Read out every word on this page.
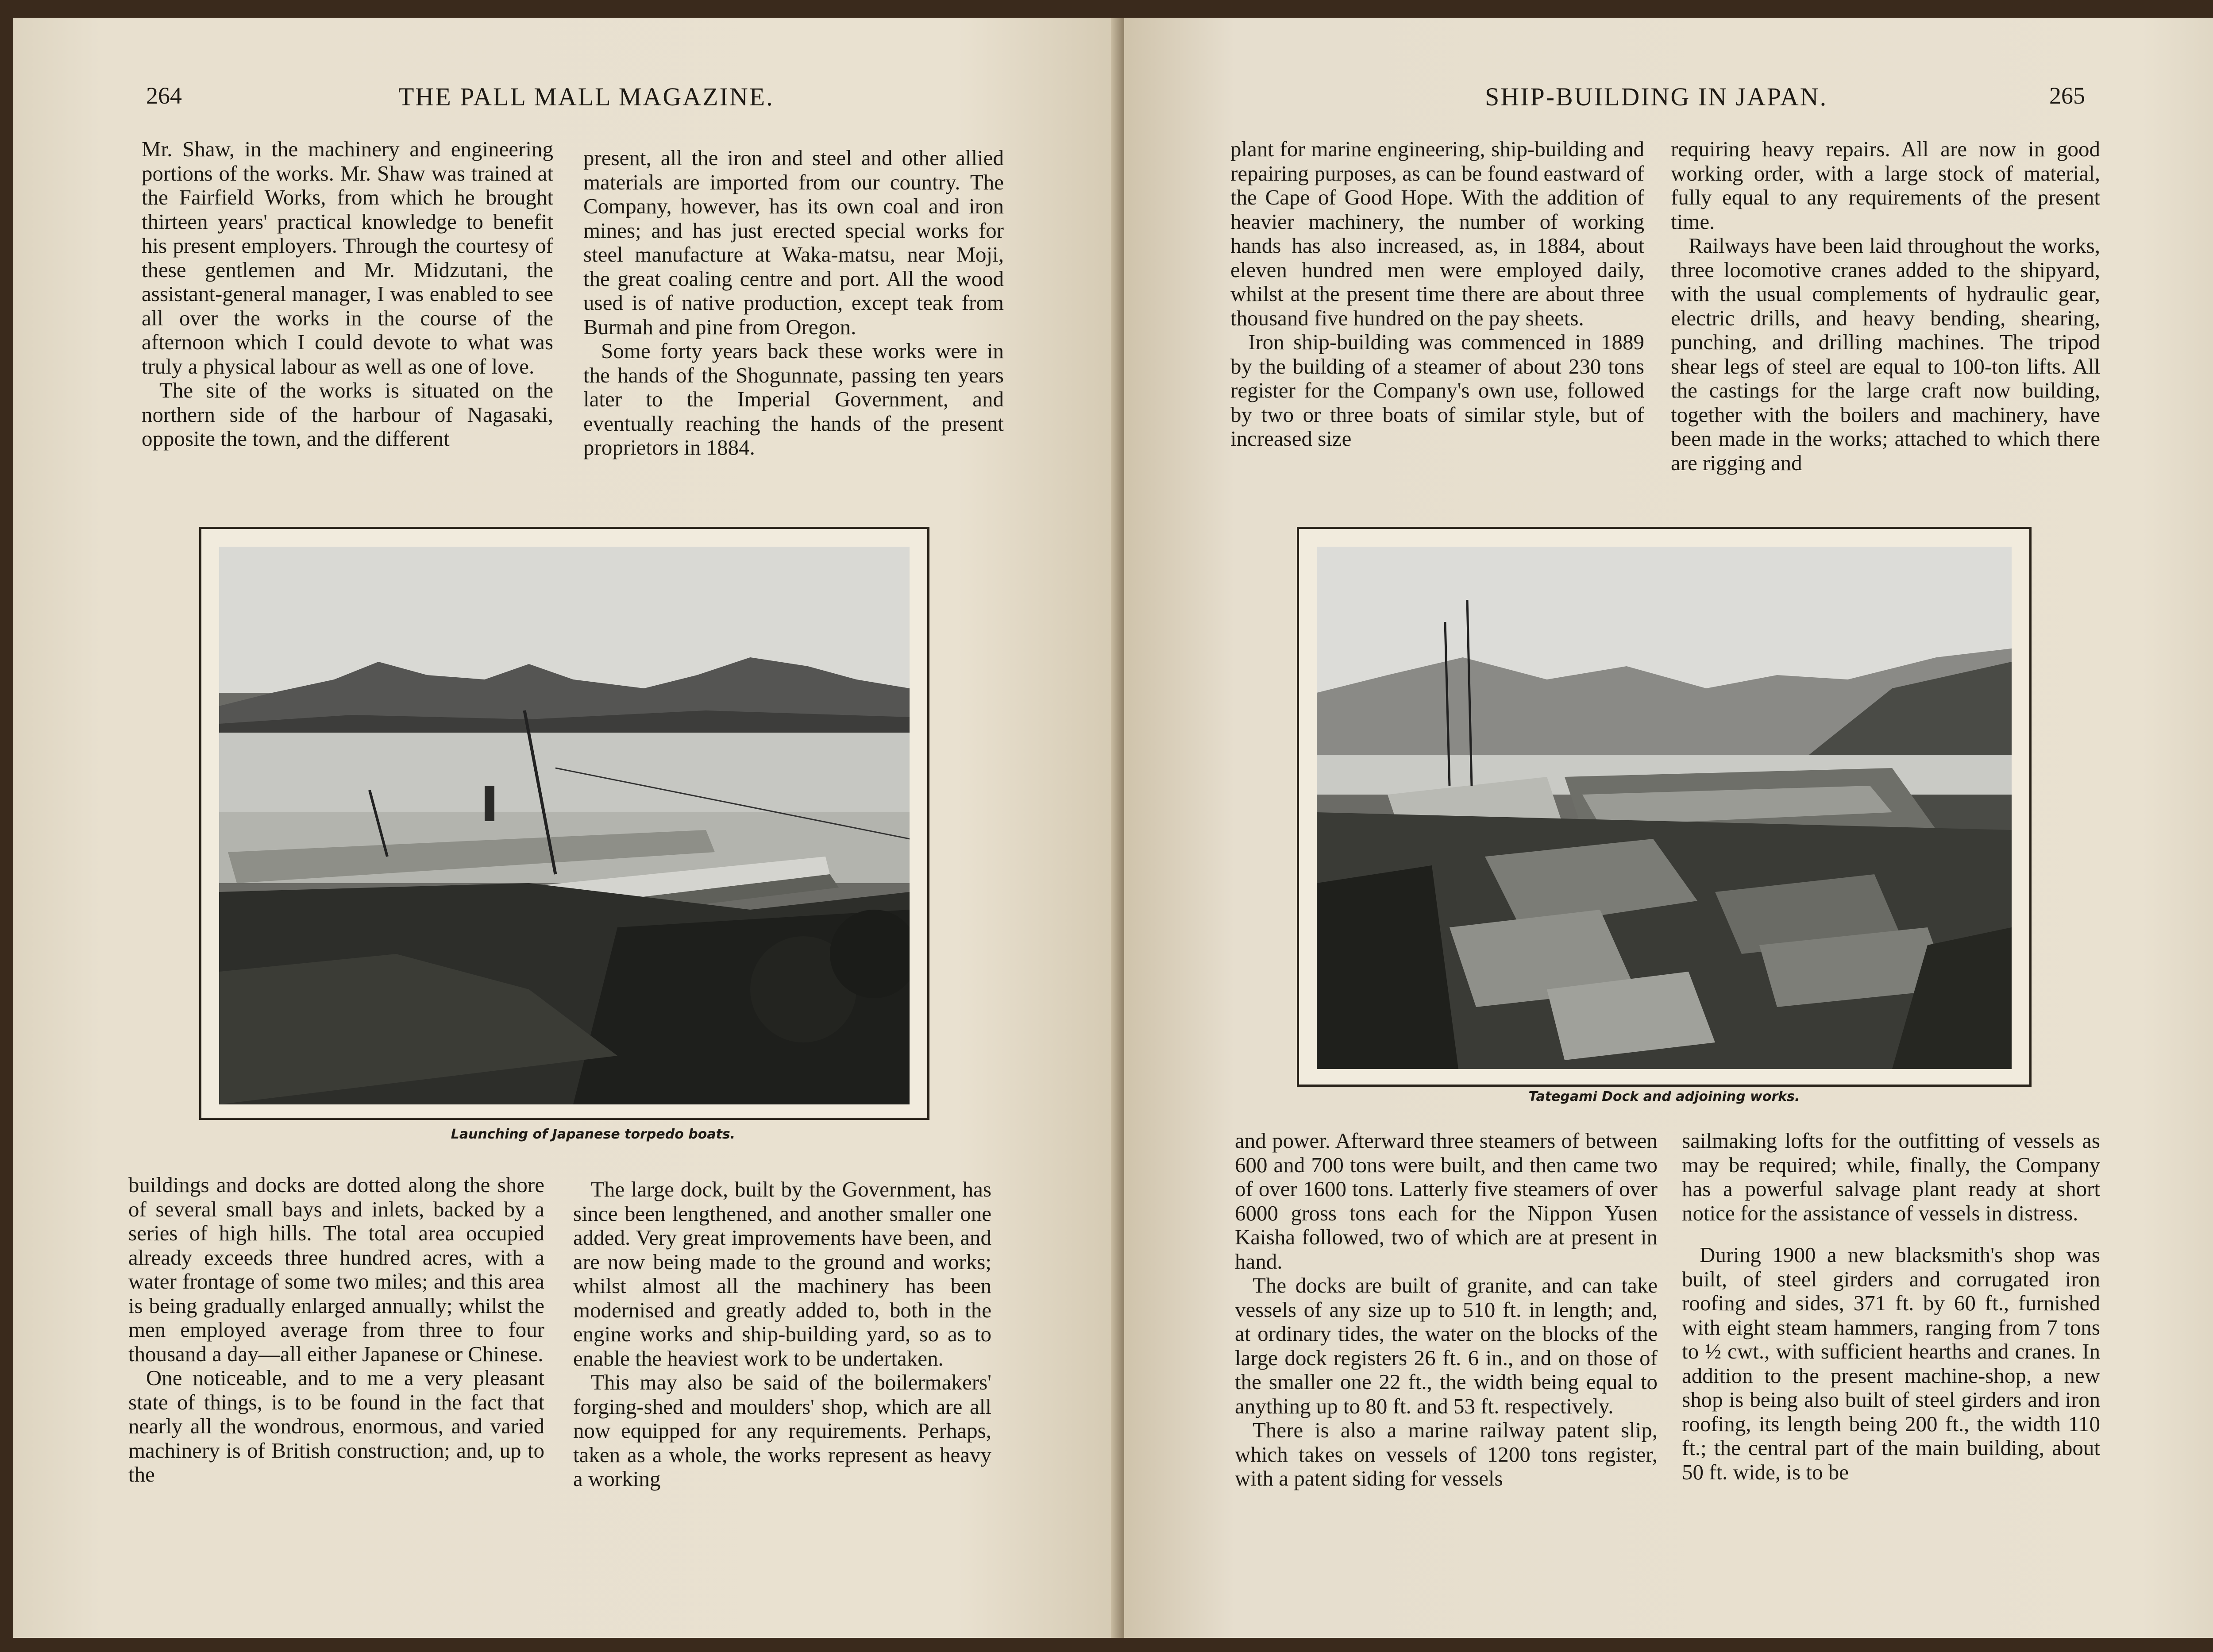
264	THE PALL MALL MAGAZINE.

Mr. Shaw, in the machinery and engineering portions of the works. Mr. Shaw was trained at the Fairfield Works, from which he brought thirteen years' practical knowledge to benefit his present employers. Through the courtesy of these gentlemen and Mr. Midzutani, the assistant-general manager, I was enabled to see all over the works in the course of the afternoon which I could devote to what was truly a physical labour as well as one of love.

The site of the works is situated on the northern side of the harbour of Nagasaki, opposite the town, and the different

present, all the iron and steel and other allied materials are imported from our country. The Company, however, has its own coal and iron mines; and has just erected special works for steel manufacture at Waka-matsu, near Moji, the great coaling centre and port. All the wood used is of native production, except teak from Burmah and pine from Oregon.

Some forty years back these works were in the hands of the Shogunnate, passing ten years later to the Imperial Government, and eventually reaching the hands of the present proprietors in 1884.

Launching of Japanese torpedo boats.

buildings and docks are dotted along the shore of several small bays and inlets, backed by a series of high hills. The total area occupied already exceeds three hundred acres, with a water frontage of some two miles; and this area is being gradually enlarged annually; whilst the men employed average from three to four thousand a day—all either Japanese or Chinese.

One noticeable, and to me a very pleasant state of things, is to be found in the fact that nearly all the wondrous, enormous, and varied machinery is of British construction; and, up to the

The large dock, built by the Government, has since been lengthened, and another smaller one added. Very great improvements have been, and are now being made to the ground and works; whilst almost all the machinery has been modernised and greatly added to, both in the engine works and ship-building yard, so as to enable the heaviest work to be undertaken.

This may also be said of the boilermakers' forging-shed and moulders' shop, which are all now equipped for any requirements. Perhaps, taken as a whole, the works represent as heavy a working

SHIP-BUILDING IN JAPAN.	265

plant for marine engineering, ship-building and repairing purposes, as can be found eastward of the Cape of Good Hope. With the addition of heavier machinery, the number of working hands has also increased, as, in 1884, about eleven hundred men were employed daily, whilst at the present time there are about three thousand five hundred on the pay sheets.

Iron ship-building was commenced in 1889 by the building of a steamer of about 230 tons register for the Company's own use, followed by two or three boats of similar style, but of increased size

requiring heavy repairs. All are now in good working order, with a large stock of material, fully equal to any requirements of the present time.

Railways have been laid throughout the works, three locomotive cranes added to the shipyard, with the usual complements of hydraulic gear, electric drills, and heavy bending, shearing, punching, and drilling machines. The tripod shear legs of steel are equal to 100-ton lifts. All the castings for the large craft now building, together with the boilers and machinery, have been made in the works; attached to which there are rigging and

Tategami Dock and adjoining works.

and power. Afterward three steamers of between 600 and 700 tons were built, and then came two of over 1600 tons. Latterly five steamers of over 6000 gross tons each for the Nippon Yusen Kaisha followed, two of which are at present in hand.

The docks are built of granite, and can take vessels of any size up to 510 ft. in length; and, at ordinary tides, the water on the blocks of the large dock registers 26 ft. 6 in., and on those of the smaller one 22 ft., the width being equal to anything up to 80 ft. and 53 ft. respectively.

There is also a marine railway patent slip, which takes on vessels of 1200 tons register, with a patent siding for vessels

sailmaking lofts for the outfitting of vessels as may be required; while, finally, the Company has a powerful salvage plant ready at short notice for the assistance of vessels in distress.

During 1900 a new blacksmith's shop was built, of steel girders and corrugated iron roofing and sides, 371 ft. by 60 ft., furnished with eight steam hammers, ranging from 7 tons to ½ cwt., with sufficient hearths and cranes. In addition to the present machine-shop, a new shop is being also built of steel girders and iron roofing, its length being 200 ft., the width 110 ft.; the central part of the main building, about 50 ft. wide, is to be
